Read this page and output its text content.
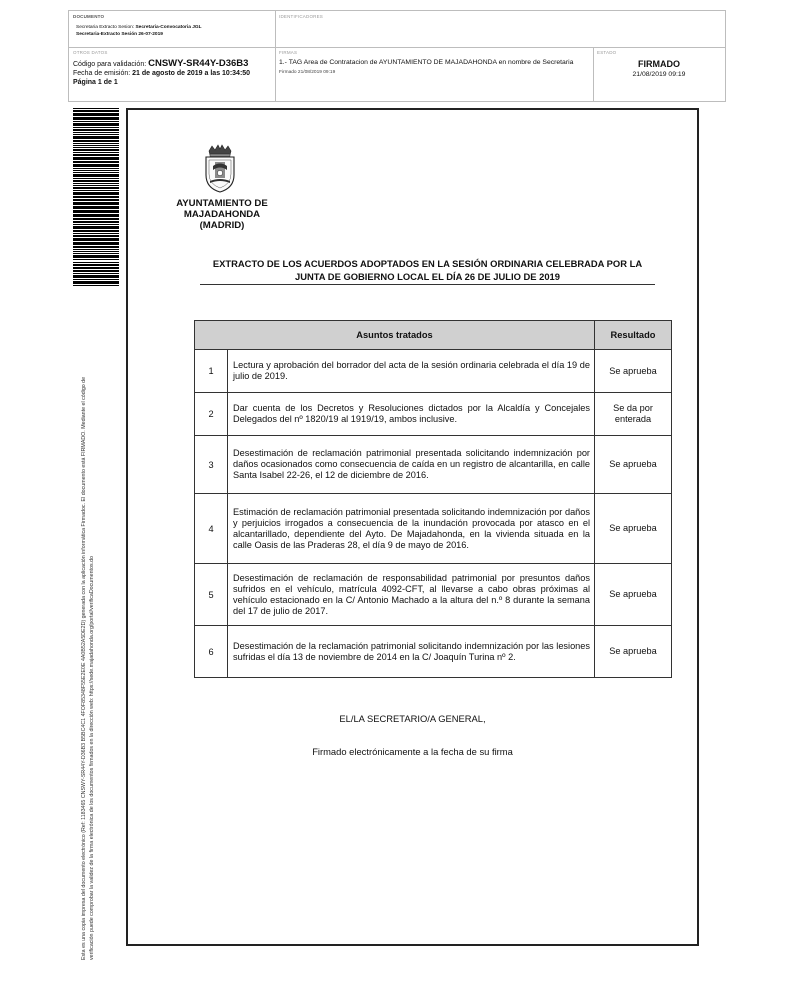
DOCUMENTO
Secretaria Extracto Sesion: Secretaria-Convocatoria JGL
Secretaria-Extracto Sesión 26-07-2019
IDENTIFICADORES
OTROS DATOS
Código para validación: CNSWY-SR44Y-D36B3
Fecha de emisión: 21 de agosto de 2019 a las 10:34:50
Página 1 de 1
FIRMAS
1.- TAG Area de Contratacion de AYUNTAMIENTO DE MAJADAHONDA en nombre de Secretaria
Firmado 21/08/2019 09:19
ESTADO
FIRMADO
21/08/2019 09:19
Esta es una copia impresa del documento electrónico (Ref: 1183465 CNSWY-SR44Y-D36B3 B5BC4C1 4FOF85348F55E2E0E 4A0B52A5DE2D) generada con la aplicación informática Firmadoc. El documento está FIRMADO. Mediante el código de verificación puede comprobar la validez de la firma electrónica de los documentos firmados en la dirección web: https://sede.majadahonda.org/portal/verificaDocumentos.do
AYUNTAMIENTO DE
MAJADAHONDA
(MADRID)
EXTRACTO DE LOS ACUERDOS ADOPTADOS EN LA SESIÓN ORDINARIA CELEBRADA POR LA
JUNTA DE GOBIERNO LOCAL EL DÍA 26 DE JULIO DE 2019
Asuntos tratados		Resultado
1	Lectura y aprobación del borrador del acta de la sesión ordinaria celebrada el día 19 de julio de 2019.	Se aprueba
2	Dar cuenta de los Decretos y Resoluciones dictados por la Alcaldía y Concejales Delegados del nº 1820/19 al 1919/19, ambos inclusive.	Se da por enterada
3	Desestimación de reclamación patrimonial presentada solicitando indemnización por daños ocasionados como consecuencia de caída en un registro de alcantarilla, en calle Santa Isabel 22-26, el 12 de diciembre de 2016.	Se aprueba
4	Estimación de reclamación patrimonial presentada solicitando indemnización por daños y perjuicios irrogados a consecuencia de la inundación provocada por atasco en el alcantarillado, dependiente del Ayto. De Majadahonda, en la vivienda situada en la calle Oasis de las Praderas 28, el día 9 de mayo de 2016.	Se aprueba
5	Desestimación de reclamación de responsabilidad patrimonial por presuntos daños sufridos en el vehículo, matrícula 4092-CFT, al llevarse a cabo obras próximas al vehículo estacionado en la C/ Antonio Machado a la altura del n.º 8 durante la semana del 17 de julio de 2017.	Se aprueba
6	Desestimación de la reclamación patrimonial solicitando indemnización por las lesiones sufridas el día 13 de noviembre de 2014 en la C/ Joaquín Turina nº 2.	Se aprueba
EL/LA SECRETARIO/A GENERAL,
Firmado electrónicamente a la fecha de su firma
